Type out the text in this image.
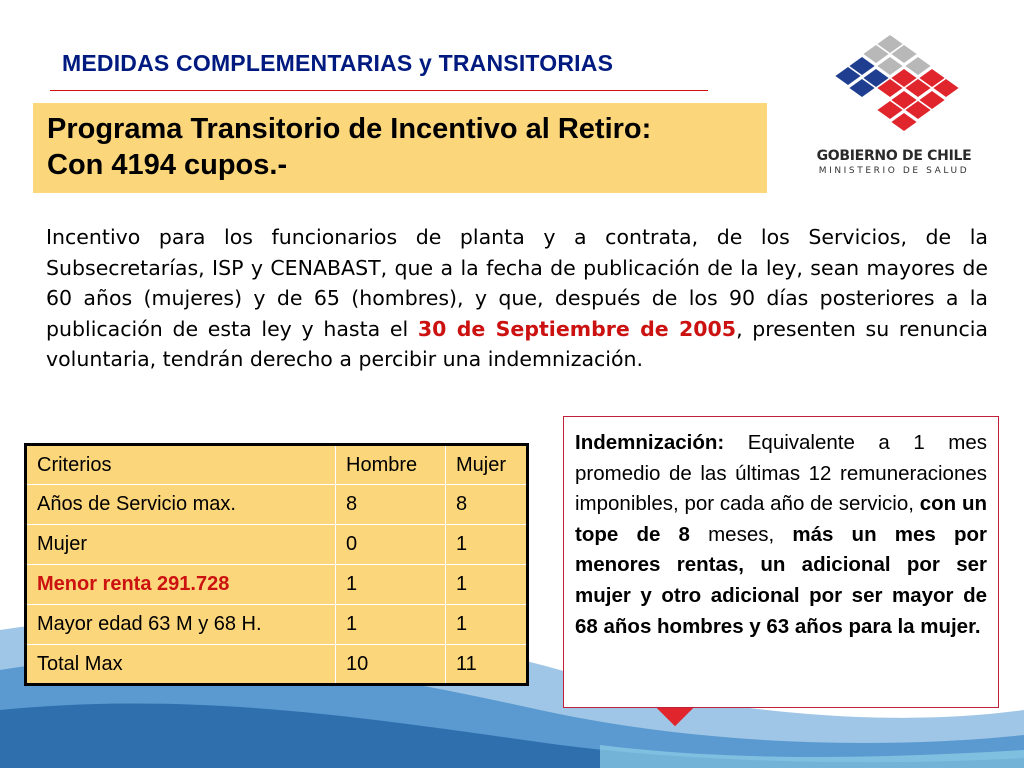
MEDIDAS COMPLEMENTARIAS y TRANSITORIAS
Programa Transitorio de Incentivo al Retiro:
Con 4194 cupos.-	GOBIERNO DE CHILE
MINISTERIO DE SALUD

Incentivo para los funcionarios de planta y a contrata, de los Servicios, de la Subsecretarías, ISP y CENABAST, que a la fecha de publicación de la ley, sean mayores de 60 años (mujeres) y de 65 (hombres), y que, después de los 90 días posteriores a la publicación de esta ley y hasta el 30 de Septiembre de 2005, presenten su renuncia voluntaria, tendrán derecho a percibir una indemnización.

Criterios	Hombre	Mujer
Años de Servicio max.	8	8
Mujer	0	1
Menor renta 291.728	1	1
Mayor edad 63 M y 68 H.	1	1
Total Max	10	11

Indemnización: Equivalente a 1 mes promedio de las últimas 12 remuneraciones imponibles, por cada año de servicio, con un tope de 8 meses, más un mes por menores rentas, un adicional por ser mujer y otro adicional por ser mayor de 68 años hombres y 63 años para la mujer.
